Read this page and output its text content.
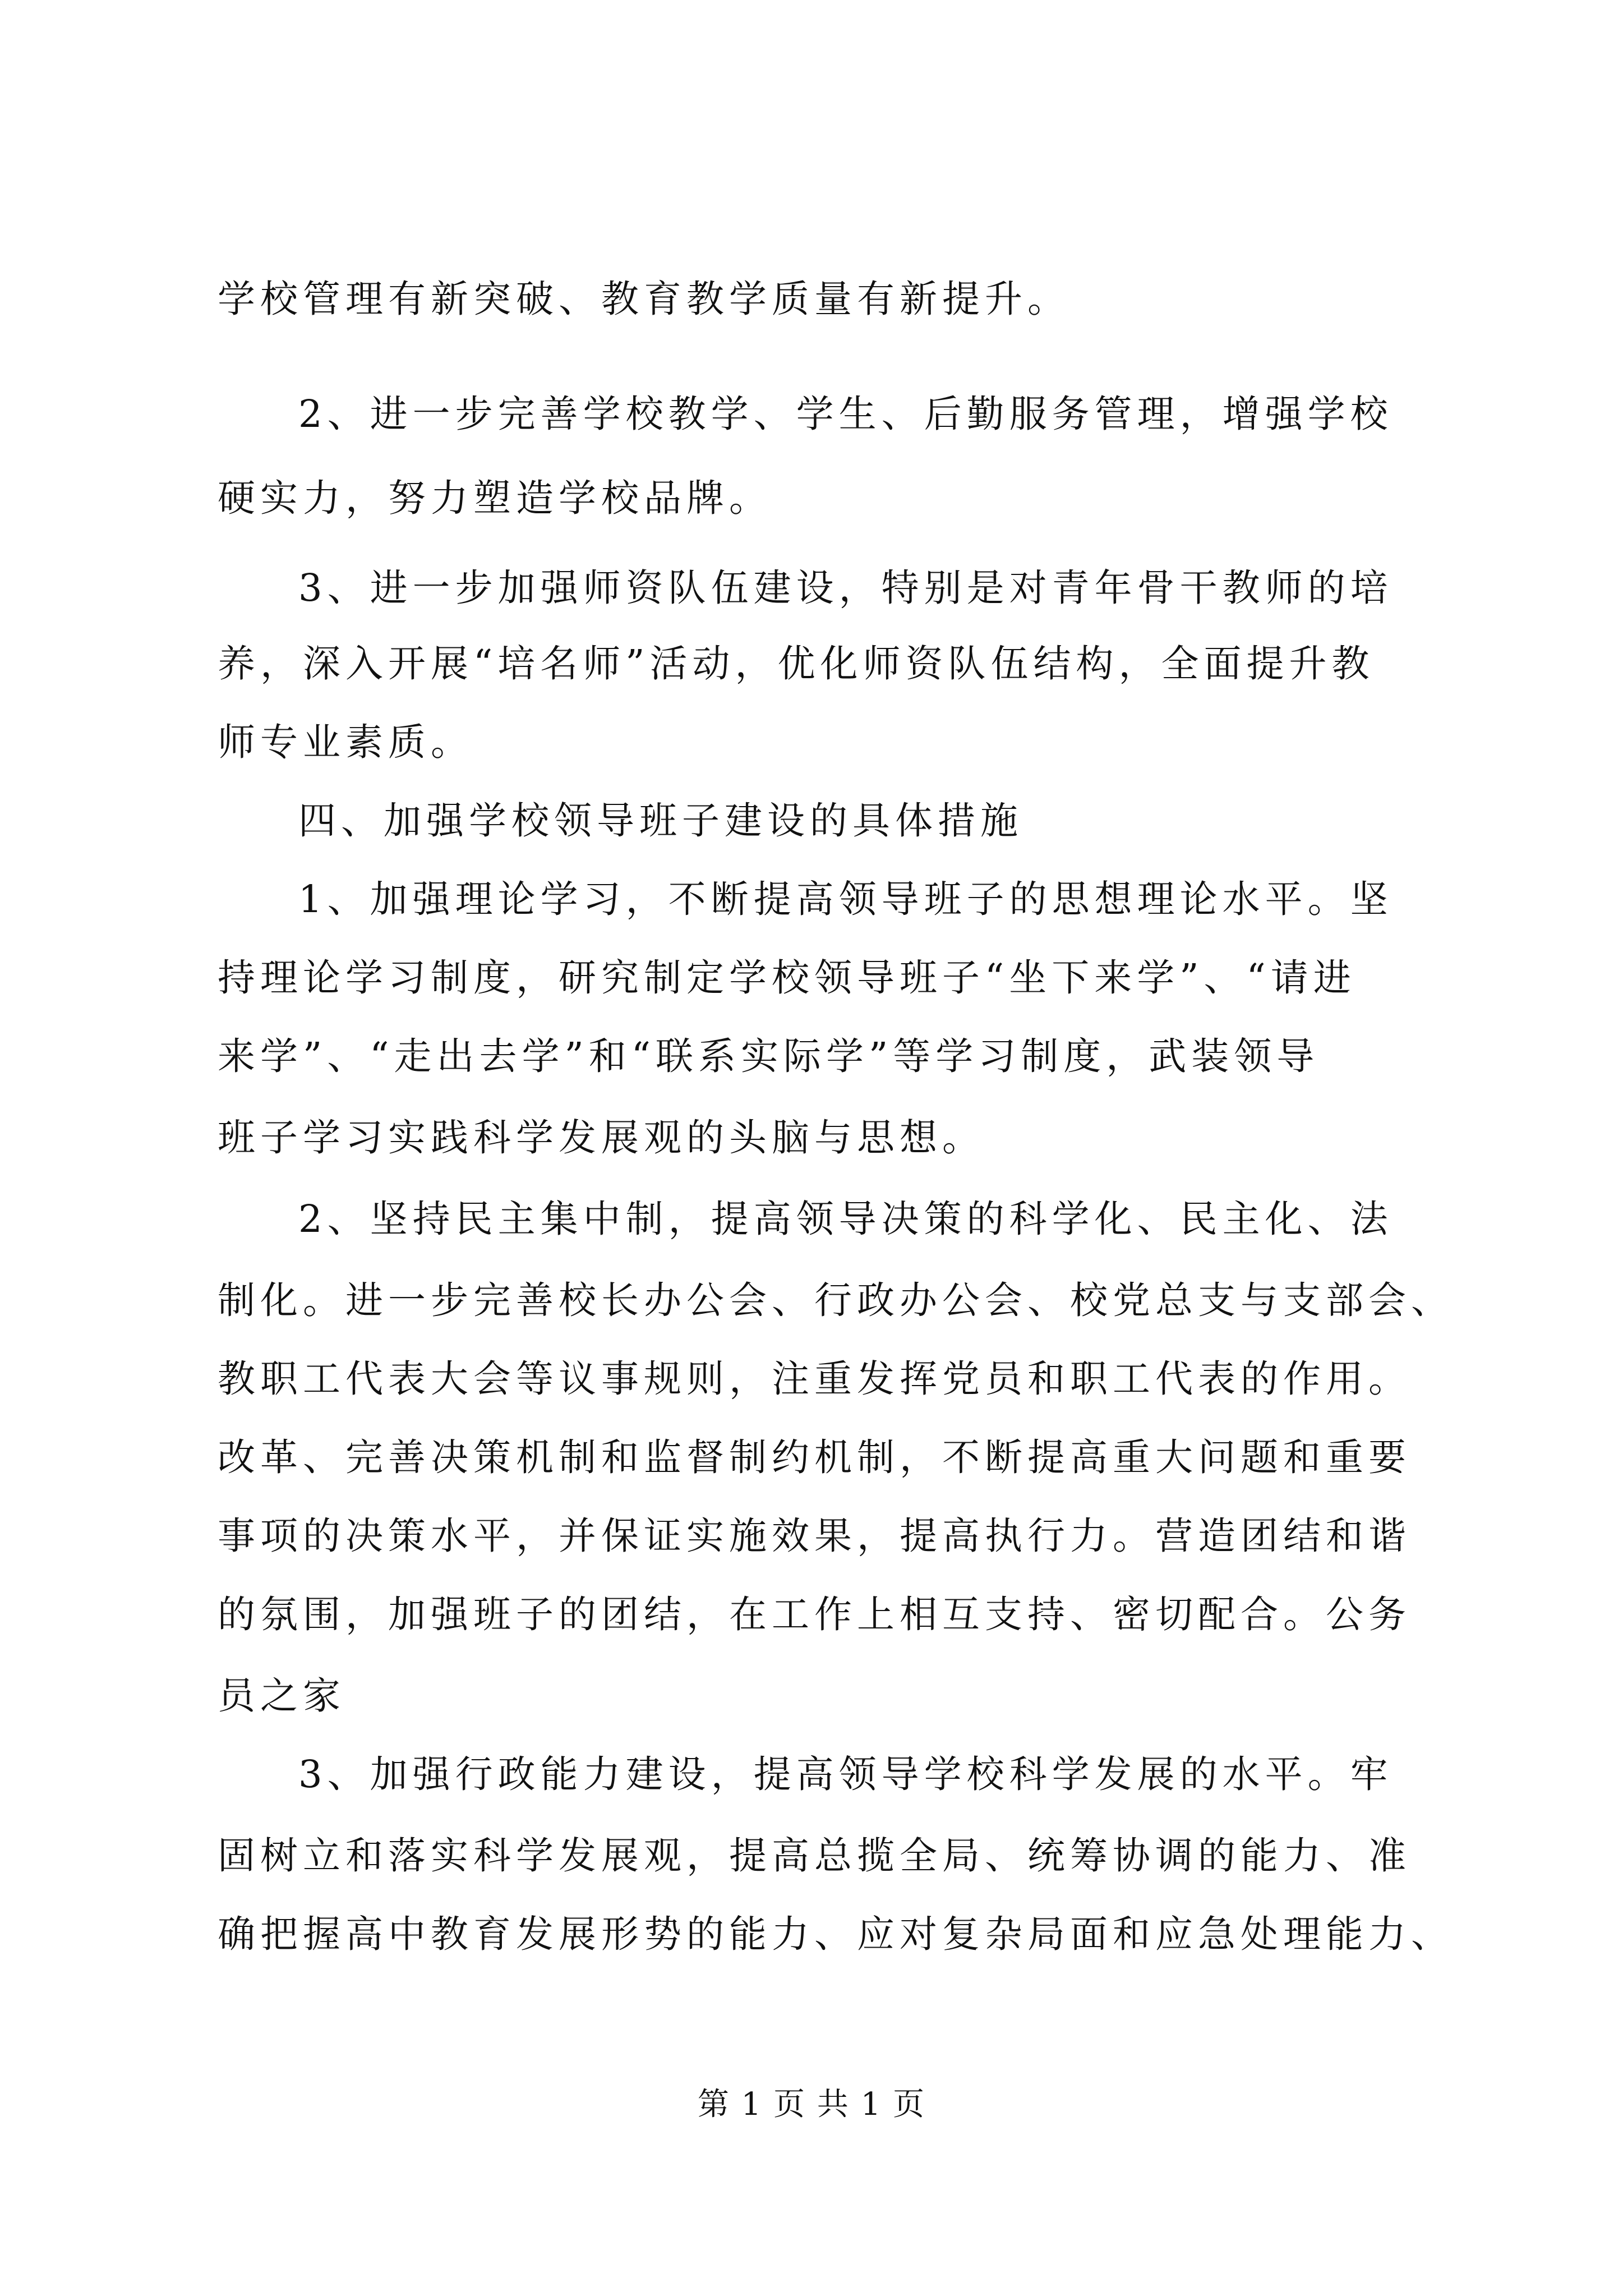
学校管理有新突破、教育教学质量有新提升。
2、进一步完善学校教学、学生、后勤服务管理，增强学校
硬实力，努力塑造学校品牌。
3、进一步加强师资队伍建设，特别是对青年骨干教师的培
养，深入开展“培名师”活动，优化师资队伍结构，全面提升教
师专业素质。
四、加强学校领导班子建设的具体措施
1、加强理论学习，不断提高领导班子的思想理论水平。坚
持理论学习制度，研究制定学校领导班子“坐下来学”、“请进
来学”、“走出去学”和“联系实际学”等学习制度，武装领导
班子学习实践科学发展观的头脑与思想。
2、坚持民主集中制，提高领导决策的科学化、民主化、法
制化。进一步完善校长办公会、行政办公会、校党总支与支部会、
教职工代表大会等议事规则，注重发挥党员和职工代表的作用。
改革、完善决策机制和监督制约机制，不断提高重大问题和重要
事项的决策水平，并保证实施效果，提高执行力。营造团结和谐
的氛围，加强班子的团结，在工作上相互支持、密切配合。公务
员之家
3、加强行政能力建设，提高领导学校科学发展的水平。牢
固树立和落实科学发展观，提高总揽全局、统筹协调的能力、准
确把握高中教育发展形势的能力、应对复杂局面和应急处理能力、
第 1 页 共 1 页
